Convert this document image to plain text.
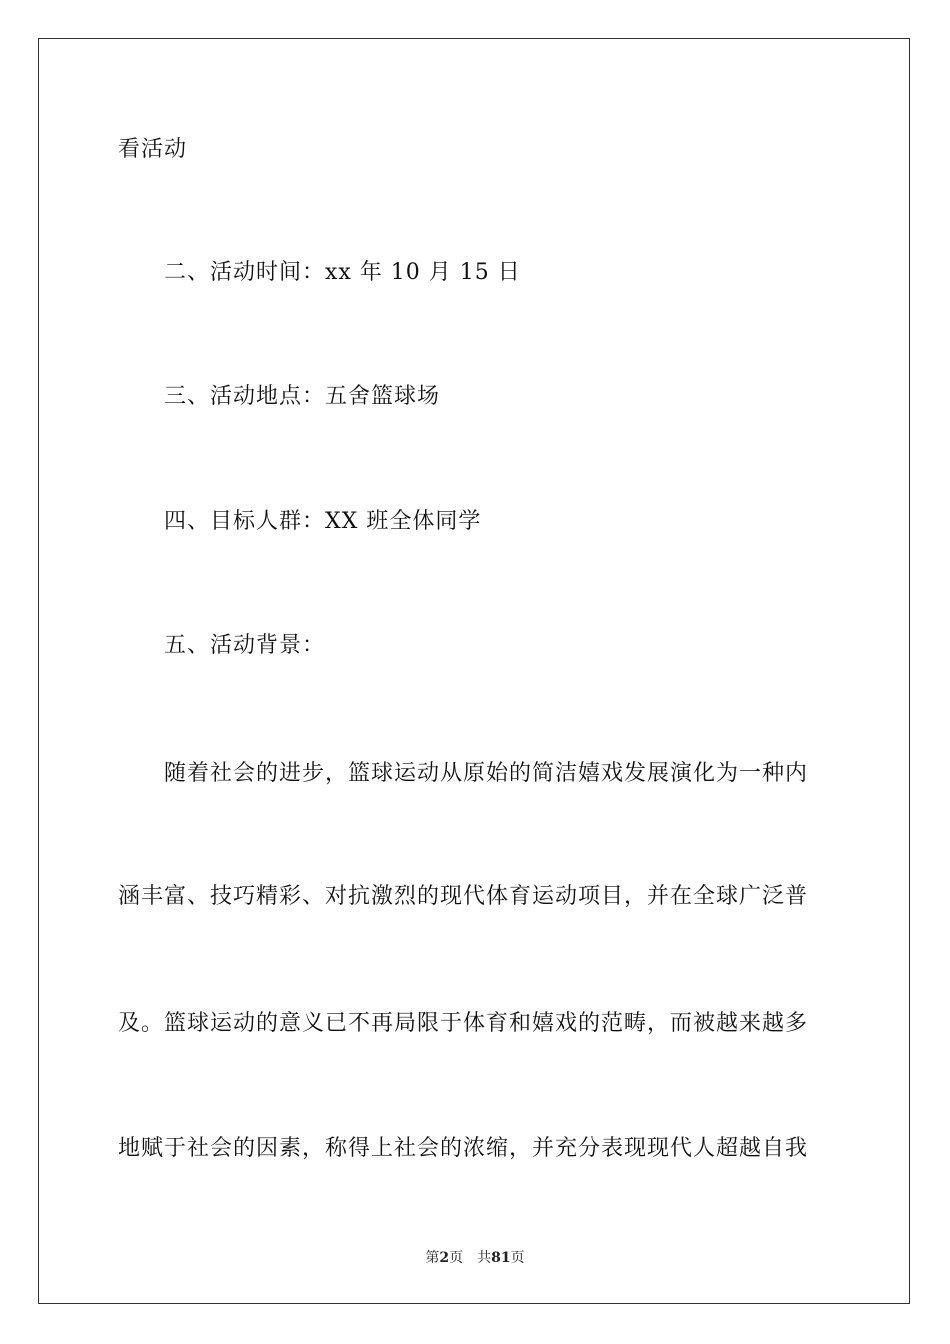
看活动
二、活动时间：xx 年 10 月 15 日
三、活动地点：五舍篮球场
四、目标人群：XX 班全体同学
五、活动背景：
随着社会的进步，篮球运动从原始的简洁嬉戏发展演化为一种内
涵丰富、技巧精彩、对抗激烈的现代体育运动项目，并在全球广泛普
及。篮球运动的意义已不再局限于体育和嬉戏的范畴，而被越来越多
地赋于社会的因素，称得上社会的浓缩，并充分表现现代人超越自我
第2页 共81页
